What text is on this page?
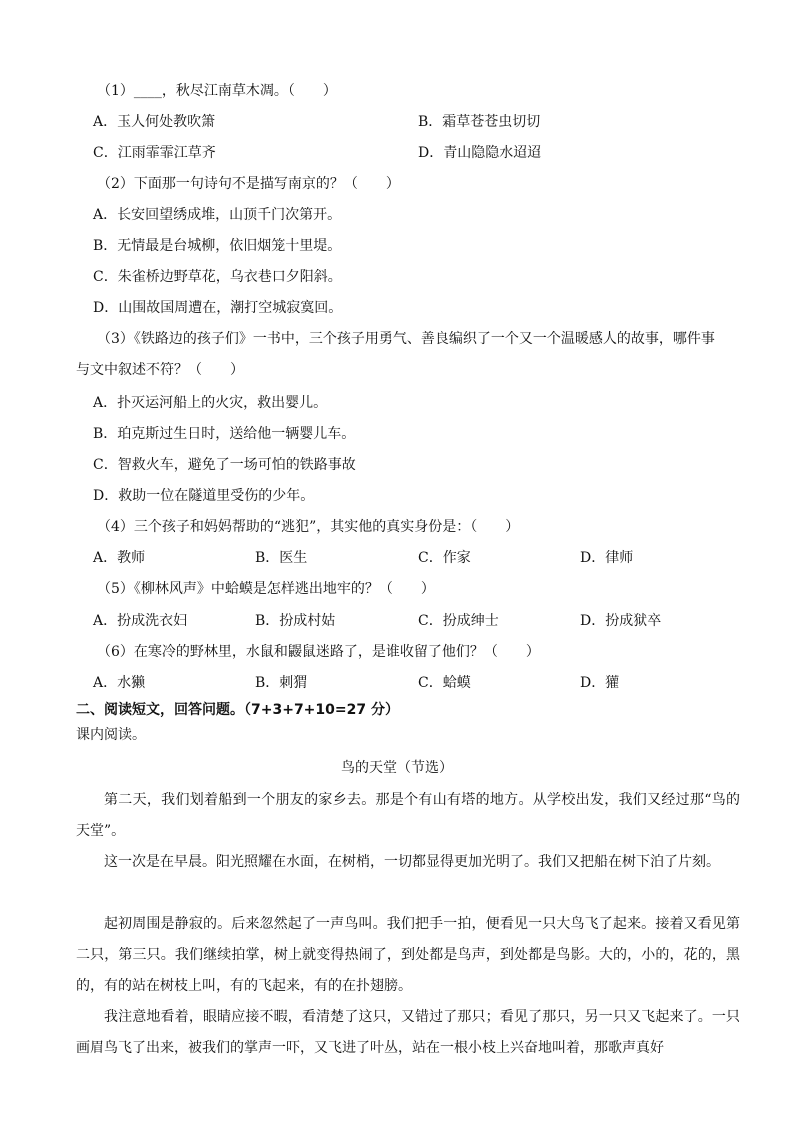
（1）____，秋尽江南草木凋。（　　）
A．玉人何处教吹箫	B．霜草苍苍虫切切
C．江雨霏霏江草齐	D．青山隐隐水迢迢
（2）下面那一句诗句不是描写南京的？（　　）
A．长安回望绣成堆，山顶千门次第开。
B．无情最是台城柳，依旧烟笼十里堤。
C．朱雀桥边野草花，乌衣巷口夕阳斜。
D．山围故国周遭在，潮打空城寂寞回。
（3）《铁路边的孩子们》一书中，三个孩子用勇气、善良编织了一个又一个温暖感人的故事，哪件事
与文中叙述不符？（　　）
A．扑灭运河船上的火灾，救出婴儿。
B．珀克斯过生日时，送给他一辆婴儿车。
C．智救火车，避免了一场可怕的铁路事故
D．救助一位在隧道里受伤的少年。
（4）三个孩子和妈妈帮助的“逃犯”，其实他的真实身份是：（　　）
A．教师	B．医生	C．作家	D．律师
（5）《柳林风声》中蛤蟆是怎样逃出地牢的？（　　）
A．扮成洗衣妇	B．扮成村姑	C．扮成绅士	D．扮成狱卒
（6）在寒冷的野林里，水鼠和鼹鼠迷路了，是谁收留了他们？（　　）
A．水獭	B．刺猬	C．蛤蟆	D．獾
二、阅读短文，回答问题。（7+3+7+10=27 分）
课内阅读。
鸟的天堂（节选）
第二天，我们划着船到一个朋友的家乡去。那是个有山有塔的地方。从学校出发，我们又经过那“鸟的天堂”。
这一次是在早晨。阳光照耀在水面，在树梢，一切都显得更加光明了。我们又把船在树下泊了片刻。
起初周围是静寂的。后来忽然起了一声鸟叫。我们把手一拍，便看见一只大鸟飞了起来。接着又看见第二只，第三只。我们继续拍掌，树上就变得热闹了，到处都是鸟声，到处都是鸟影。大的，小的，花的，黑的，有的站在树枝上叫，有的飞起来，有的在扑翅膀。
我注意地看着，眼睛应接不暇，看清楚了这只，又错过了那只；看见了那只，另一只又飞起来了。一只画眉鸟飞了出来，被我们的掌声一吓，又飞进了叶丛，站在一根小枝上兴奋地叫着，那歌声真好
